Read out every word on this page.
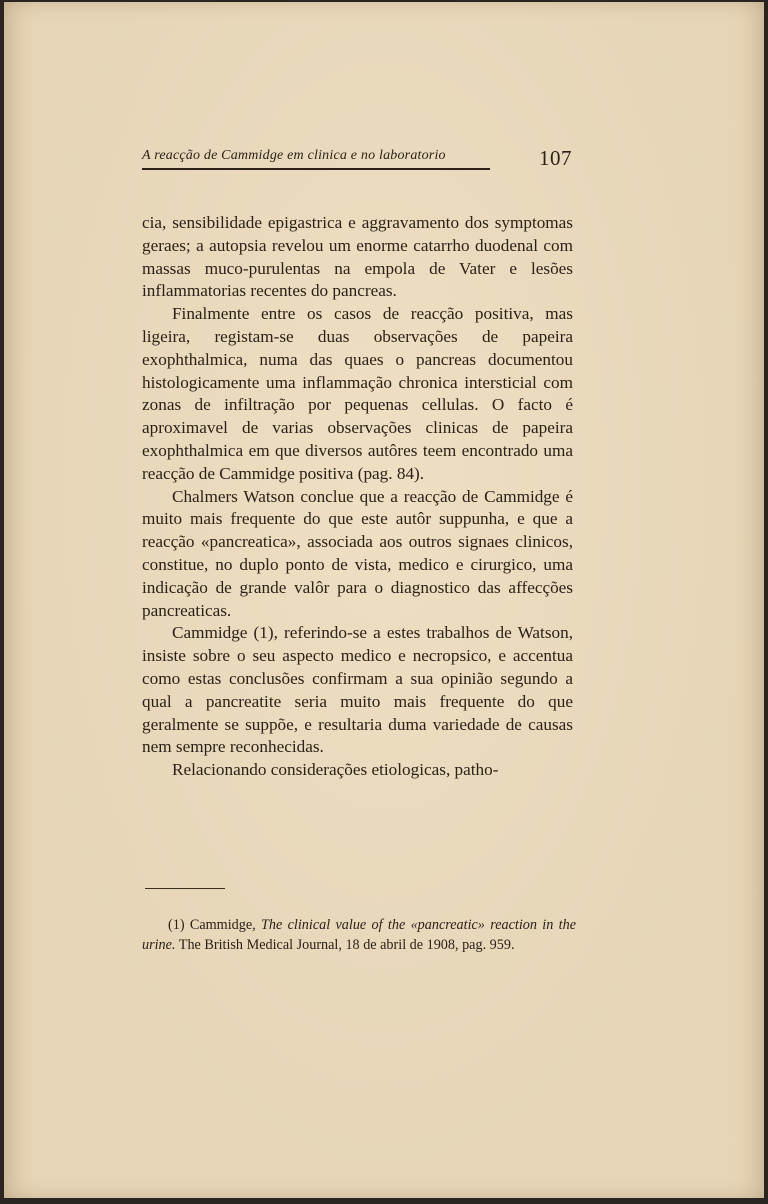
A reacção de Cammidge em clinica e no laboratorio	107

cia, sensibilidade epigastrica e aggravamento dos symptomas geraes; a autopsia revelou um enorme catarrho duodenal com massas muco-purulentas na empola de Vater e lesões inflammatorias recentes do pancreas.

Finalmente entre os casos de reacção positiva, mas ligeira, registam-se duas observações de papeira exophthalmica, numa das quaes o pancreas documentou histologicamente uma inflammação chronica intersticial com zonas de infiltração por pequenas cellulas. O facto é aproximavel de varias observações clinicas de papeira exophthalmica em que diversos autôres teem encontrado uma reacção de Cammidge positiva (pag. 84).

Chalmers Watson conclue que a reacção de Cammidge é muito mais frequente do que este autôr suppunha, e que a reacção «pancreatica», associada aos outros signaes clinicos, constitue, no duplo ponto de vista, medico e cirurgico, uma indicação de grande valôr para o diagnostico das affecções pancreaticas.

Cammidge (1), referindo-se a estes trabalhos de Watson, insiste sobre o seu aspecto medico e necropsico, e accentua como estas conclusões confirmam a sua opinião segundo a qual a pancreatite seria muito mais frequente do que geralmente se suppõe, e resultaria duma variedade de causas nem sempre reconhecidas.

Relacionando considerações etiologicas, patho-

(1) Cammidge, The clinical value of the «pancreatic» reaction in the urine. The British Medical Journal, 18 de abril de 1908, pag. 959.
